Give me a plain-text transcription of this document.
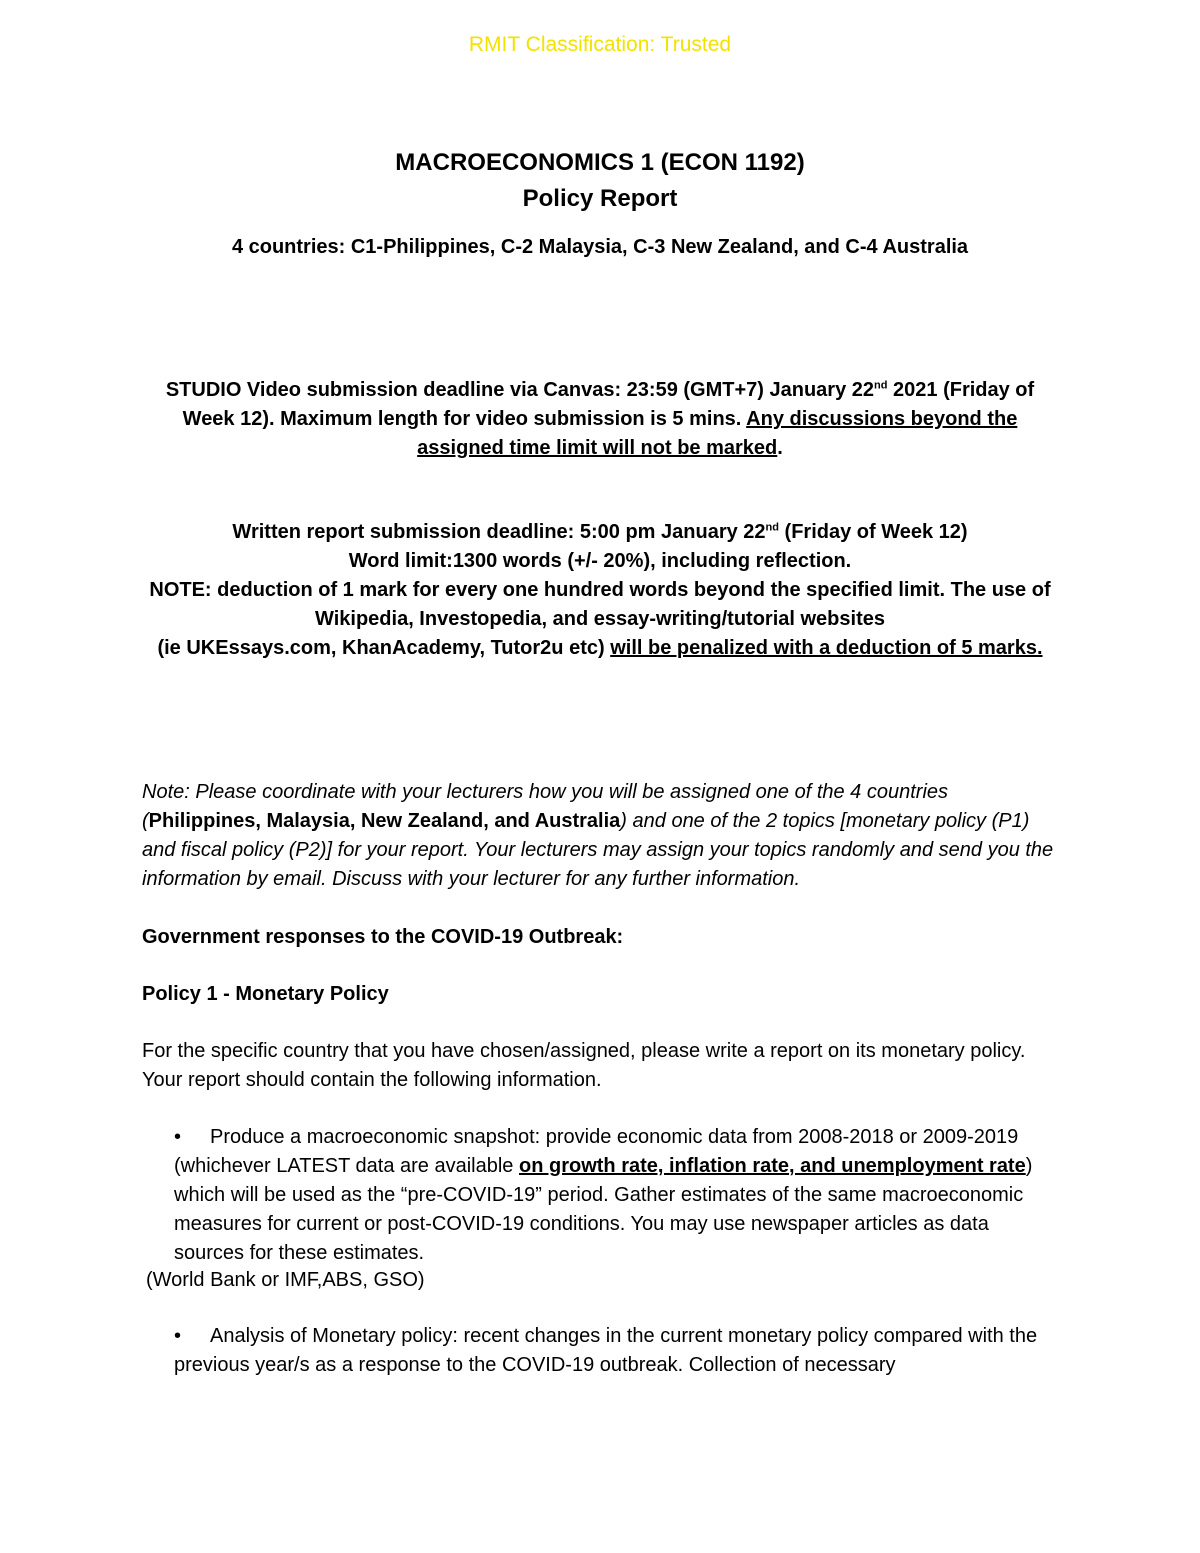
RMIT Classification: Trusted
MACROECONOMICS 1 (ECON 1192)
Policy Report
4 countries: C1-Philippines, C-2 Malaysia, C-3 New Zealand, and C-4 Australia
STUDIO Video submission deadline via Canvas: 23:59 (GMT+7) January 22nd 2021 (Friday of Week 12). Maximum length for video submission is 5 mins. Any discussions beyond the assigned time limit will not be marked.
Written report submission deadline: 5:00 pm January 22nd (Friday of Week 12)
Word limit:1300 words (+/- 20%), including reflection.
NOTE: deduction of 1 mark for every one hundred words beyond the specified limit. The use of Wikipedia, Investopedia, and essay-writing/tutorial websites
(ie UKEssays.com, KhanAcademy, Tutor2u etc) will be penalized with a deduction of 5 marks.
Note: Please coordinate with your lecturers how you will be assigned one of the 4 countries (Philippines, Malaysia, New Zealand, and Australia) and one of the 2 topics [monetary policy (P1) and fiscal policy (P2)] for your report. Your lecturers may assign your topics randomly and send you the information by email. Discuss with your lecturer for any further information.
Government responses to the COVID-19 Outbreak:
Policy 1 - Monetary Policy
For the specific country that you have chosen/assigned, please write a report on its monetary policy. Your report should contain the following information.
•	Produce a macroeconomic snapshot: provide economic data from 2008-2018 or 2009-2019 (whichever LATEST data are available on growth rate, inflation rate, and unemployment rate) which will be used as the “pre-COVID-19” period. Gather estimates of the same macroeconomic measures for current or post-COVID-19 conditions. You may use newspaper articles as data sources for these estimates.
(World Bank or IMF,ABS, GSO)
•	Analysis of Monetary policy: recent changes in the current monetary policy compared with the previous year/s as a response to the COVID-19 outbreak. Collection of necessary
